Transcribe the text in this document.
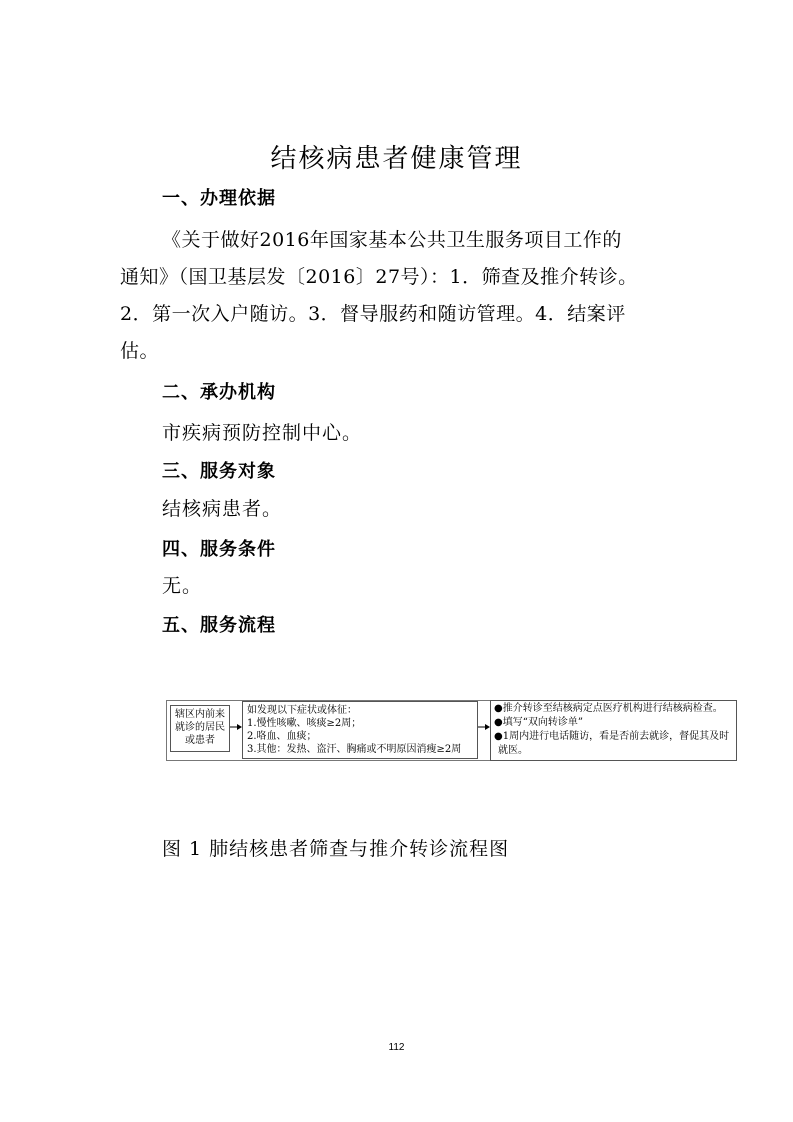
结核病患者健康管理
一、办理依据
《关于做好2016年国家基本公共卫生服务项目工作的
通知》（国卫基层发〔2016〕27号）：1．筛查及推介转诊。
2．第一次入户随访。3．督导服药和随访管理。4．结案评
估。
二、承办机构
市疾病预防控制中心。
三、服务对象
结核病患者。
四、服务条件
无。
五、服务流程
辖区内前来
就诊的居民
或患者
如发现以下症状或体征：
1.慢性咳嗽、咳痰≥2周；
2.咯血、血痰；
3.其他：发热、盗汗、胸痛或不明原因消瘦≥2周
●推介转诊至结核病定点医疗机构进行结核病检查。
●填写“双向转诊单”
●1周内进行电话随访，看是否前去就诊，督促其及时
就医。
图 1 肺结核患者筛查与推介转诊流程图
112
